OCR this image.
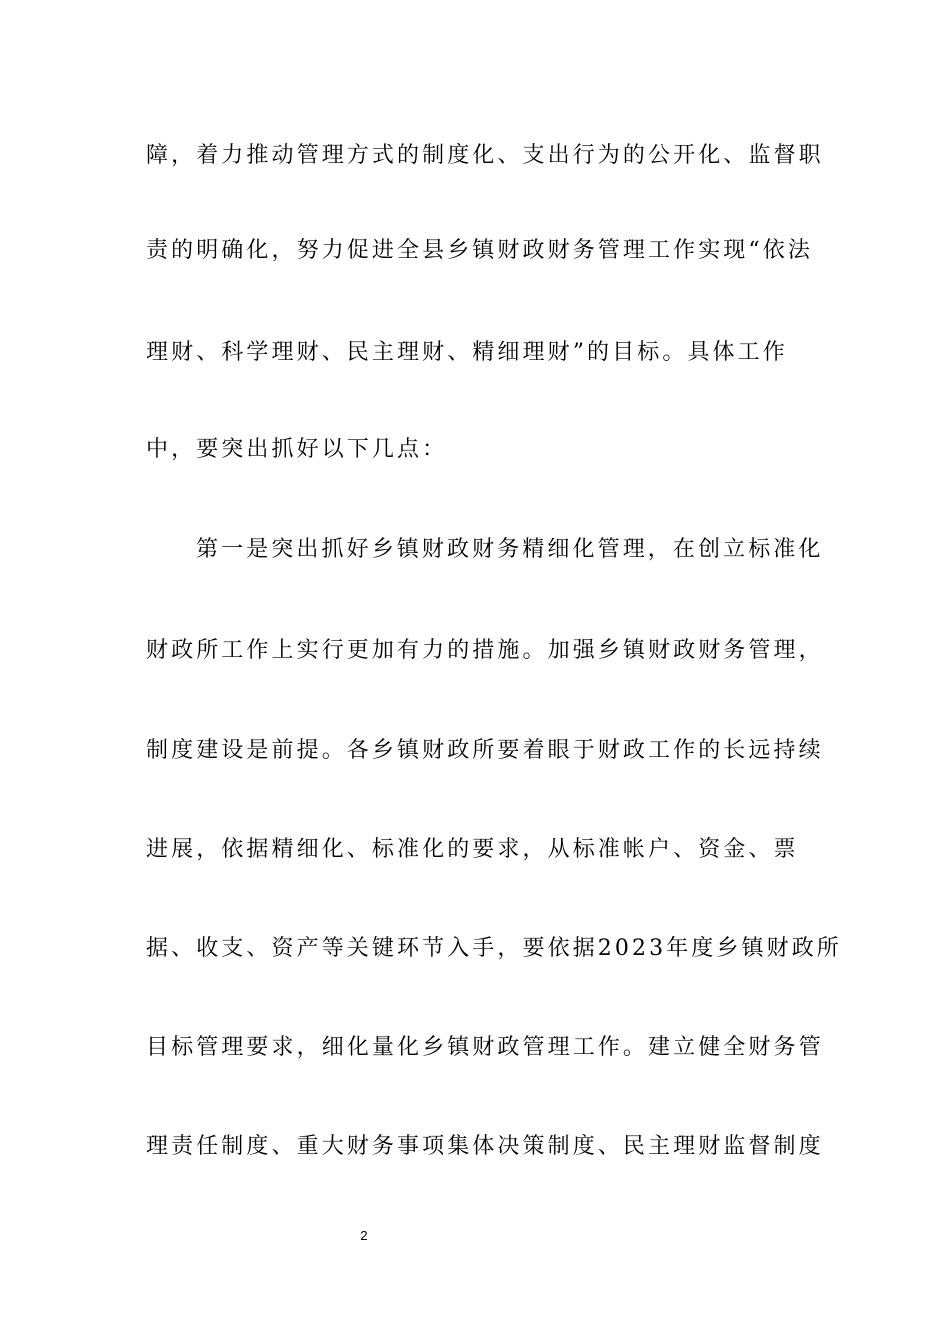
障，着力推动管理方式的制度化、支出行为的公开化、监督职
责的明确化，努力促进全县乡镇财政财务管理工作实现“依法
理财、科学理财、民主理财、精细理财”的目标。具体工作
中，要突出抓好以下几点：
第一是突出抓好乡镇财政财务精细化管理，在创立标准化
财政所工作上实行更加有力的措施。加强乡镇财政财务管理，
制度建设是前提。各乡镇财政所要着眼于财政工作的长远持续
进展，依据精细化、标准化的要求，从标准帐户、资金、票
据、收支、资产等关键环节入手，要依据2023年度乡镇财政所
目标管理要求，细化量化乡镇财政管理工作。建立健全财务管
理责任制度、重大财务事项集体决策制度、民主理财监督制度
2
